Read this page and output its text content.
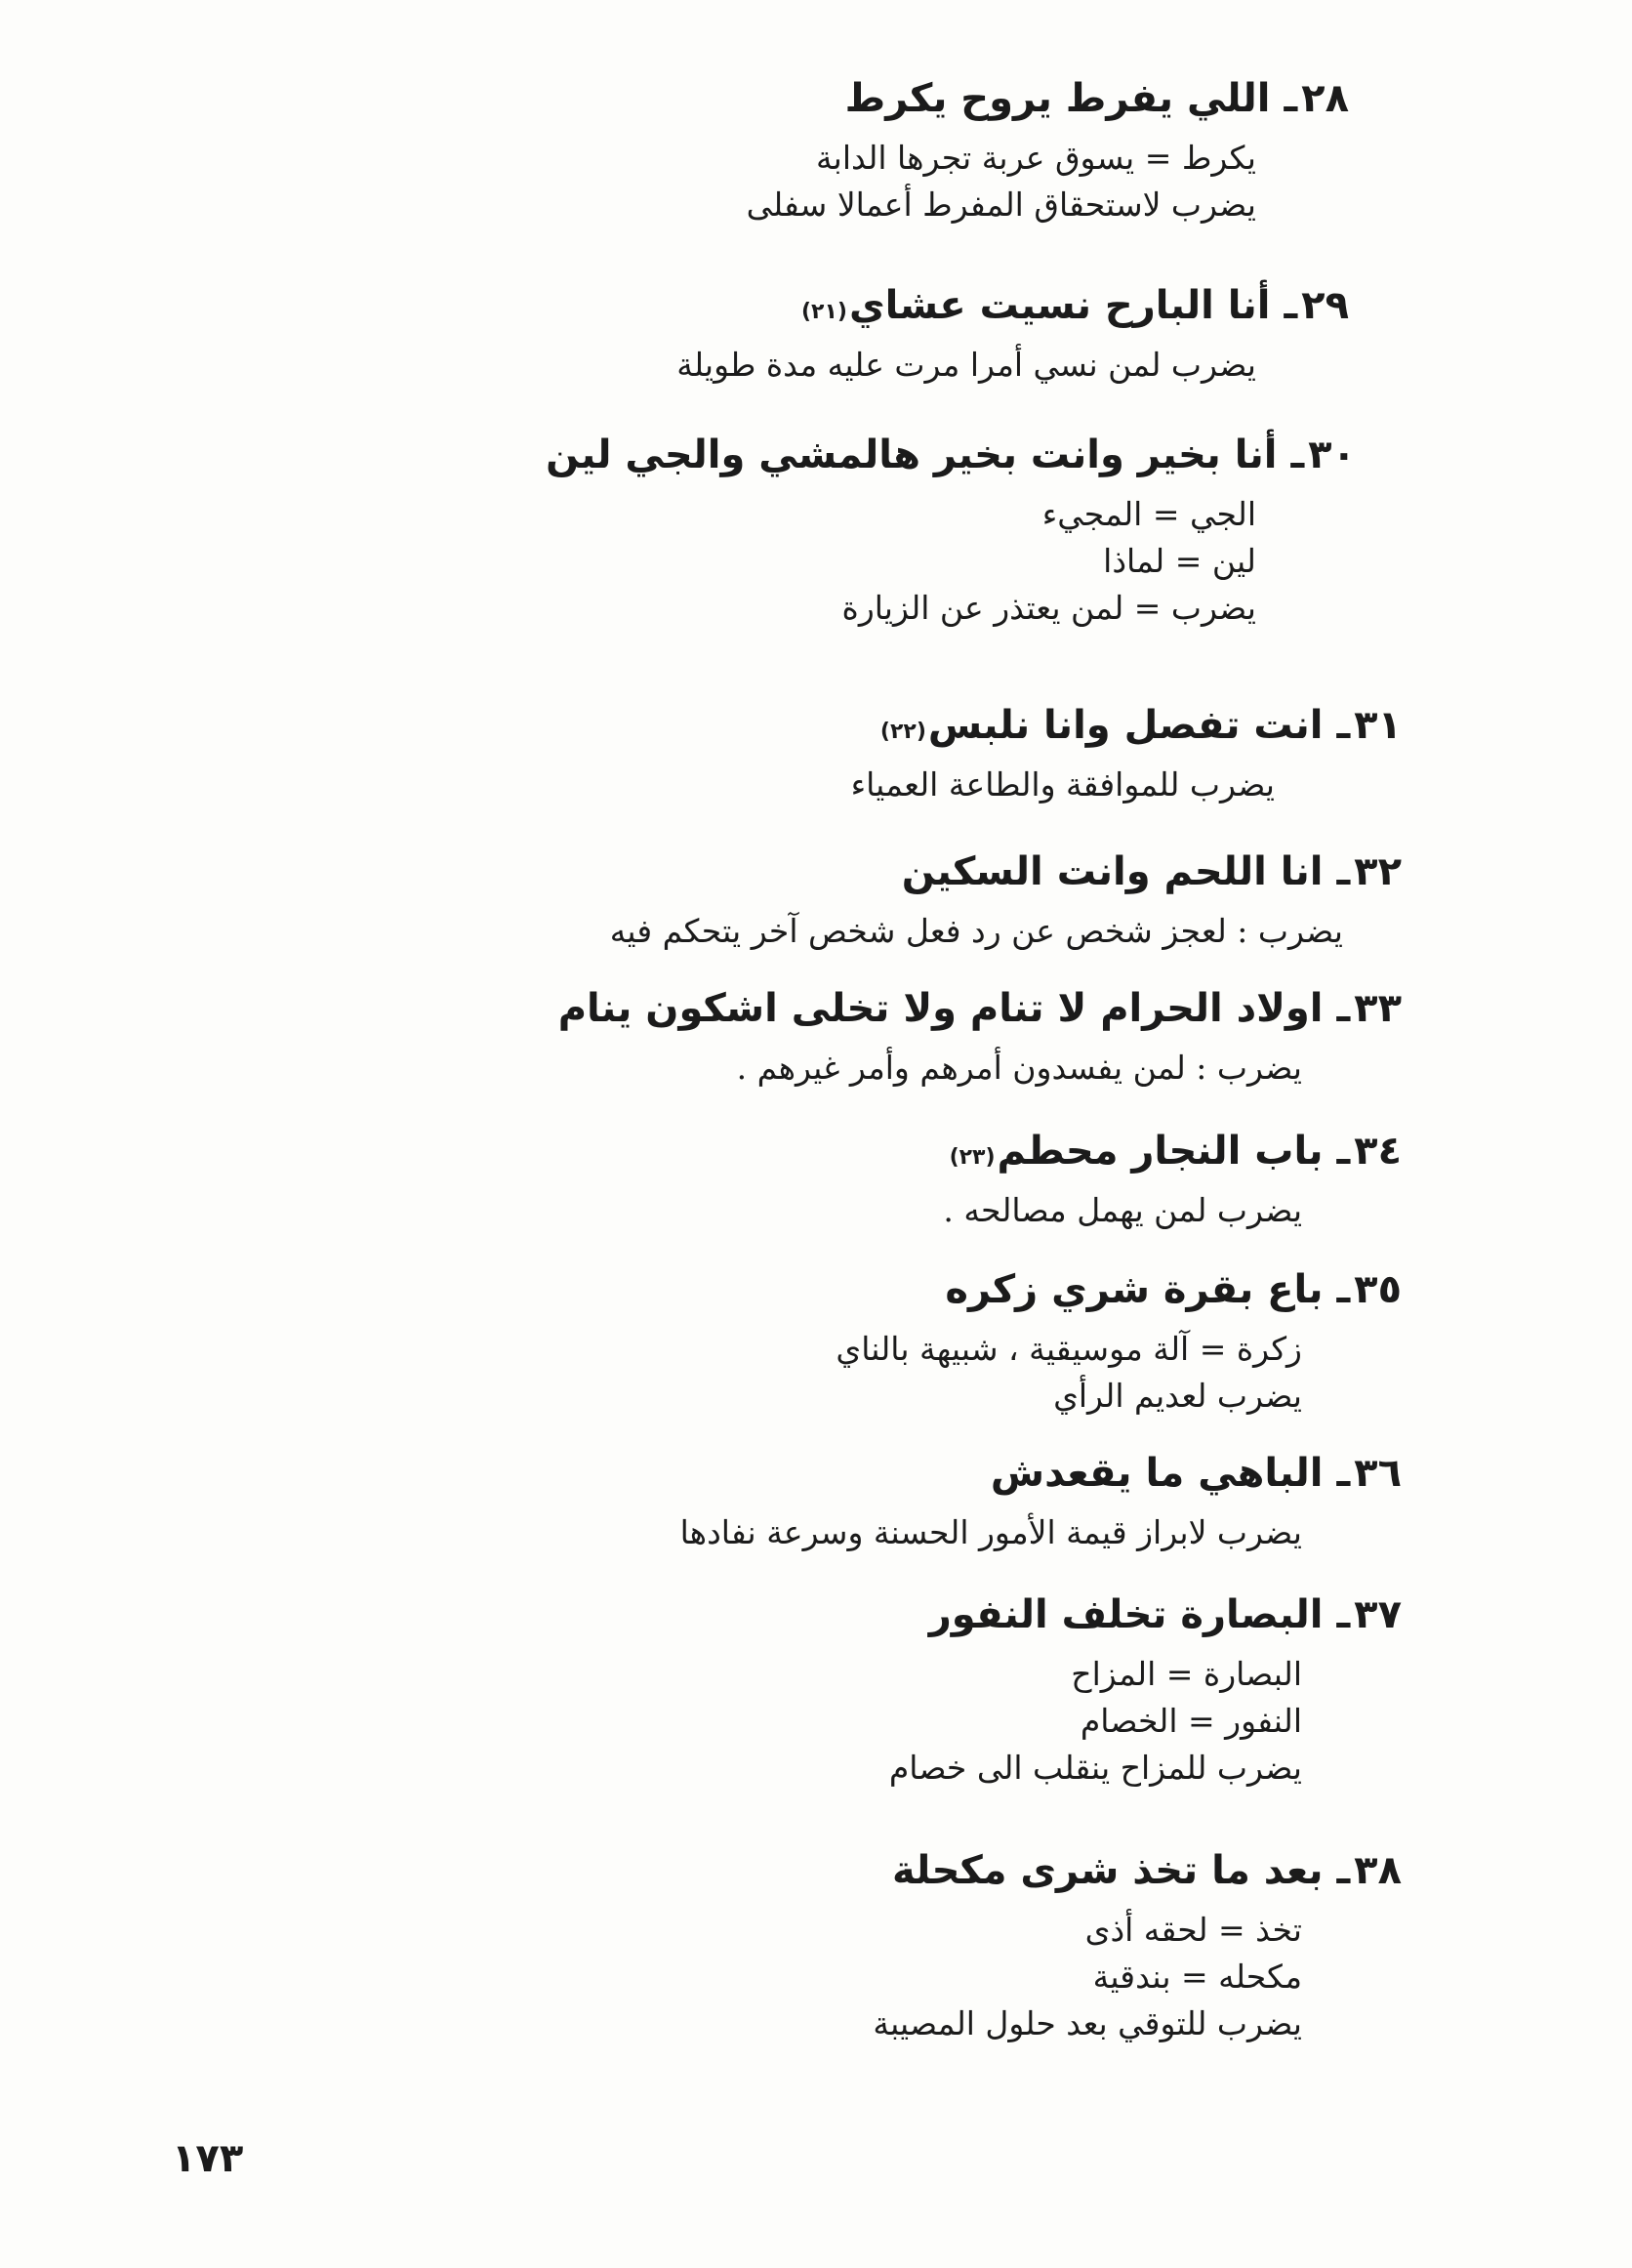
٢٨
ـ
اللي يفرط يروح يكرط
يكرط = يسوق عربة تجرها الدابة
يضرب لاستحقاق المفرط أعمالا سفلى
٢٩
ـ
أنا البارح نسيت عشاي
(٢١)
يضرب لمن نسي أمرا مرت عليه مدة طويلة
٣٠
ـ
أنا بخير وانت بخير هالمشي والجي لين
الجي = المجيء
لين = لماذا
يضرب = لمن يعتذر عن الزيارة
٣١
ـ
انت تفصل وانا نلبس
(٢٢)
يضرب للموافقة والطاعة العمياء
٣٢
ـ
انا اللحم وانت السكين
يضرب : لعجز شخص عن رد فعل شخص آخر يتحكم فيه
٣٣
ـ
اولاد الحرام لا تنام ولا تخلى اشكون ينام
يضرب : لمن يفسدون أمرهم وأمر غيرهم .
٣٤
ـ
باب النجار محطم
(٢٣)
يضرب لمن يهمل مصالحه .
٣٥
ـ
باع بقرة شري زكره
زكرة = آلة موسيقية ، شبيهة بالناي
يضرب لعديم الرأي
٣٦
ـ
الباهي ما يقعدش
يضرب لابراز قيمة الأمور الحسنة وسرعة نفادها
٣٧
ـ
البصارة تخلف النفور
البصارة = المزاح
النفور = الخصام
يضرب للمزاح ينقلب الى خصام
٣٨
ـ
بعد ما تخذ شرى مكحلة
تخذ = لحقه أذى
مكحله = بندقية
يضرب للتوقي بعد حلول المصيبة
١٧٣
